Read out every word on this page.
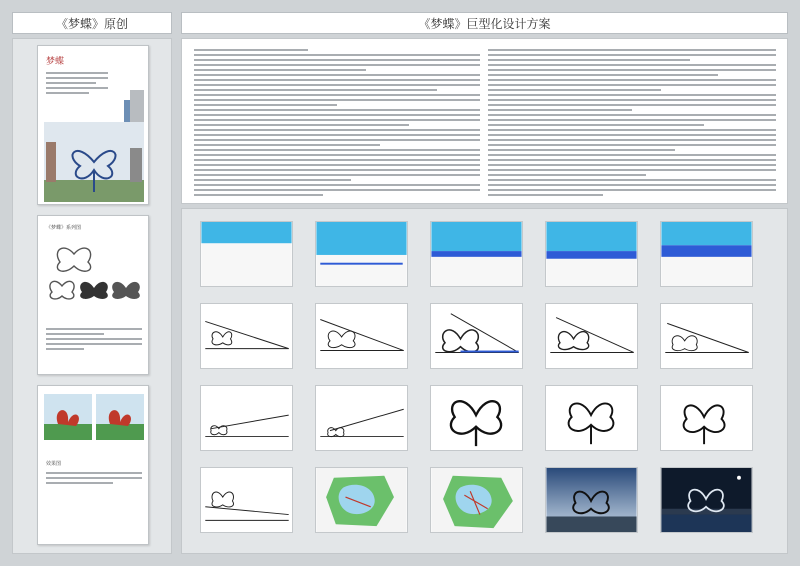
《梦蝶》原创	《梦蝶》巨型化设计方案
梦蝶
《梦蝶》系列图
效果图
